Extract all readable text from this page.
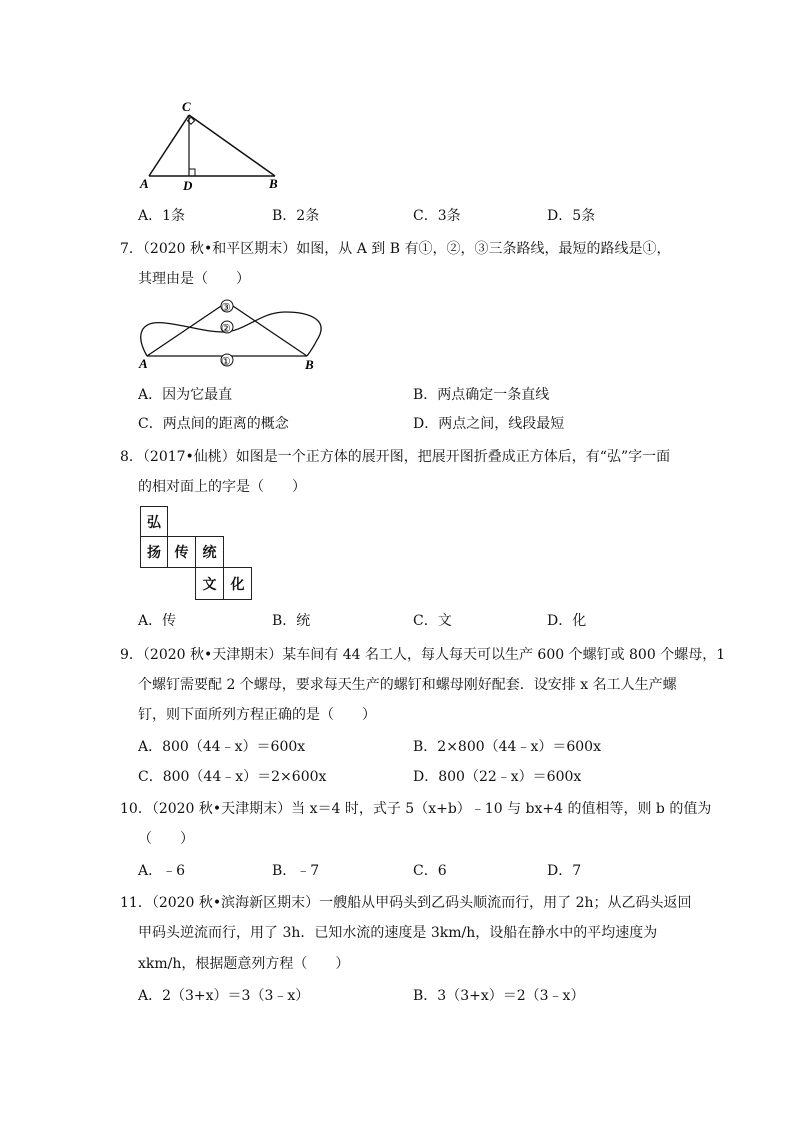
C
A	D	B
A．1条	B．2条	C．3条	D．5条
7．（2020 秋•和平区期末）如图，从 A 到 B 有①，②，③三条路线，最短的路线是①，
其理由是（　　）
①
②
③
A	B
A．因为它最直	B．两点确定一条直线
C．两点间的距离的概念	D．两点之间，线段最短
8．（2017•仙桃）如图是一个正方体的展开图，把展开图折叠成正方体后，有“弘”字一面
的相对面上的字是（　　）
弘
扬 传	统
文	化
A．传	B．统	C．文	D．化
9．（2020 秋•天津期末）某车间有 44 名工人，每人每天可以生产 600 个螺钉或 800 个螺母，1
个螺钉需要配 2 个螺母，要求每天生产的螺钉和螺母刚好配套．设安排 x 名工人生产螺
钉，则下面所列方程正确的是（　　）
A．800（44﹣x）＝600x	B．2×800（44﹣x）＝600x
C．800（44﹣x）＝2×600x	D．800（22﹣x）＝600x
10．（2020 秋•天津期末）当 x＝4 时，式子 5（x+b）﹣10 与 bx+4 的值相等，则 b 的值为
（　　）
A．﹣6	B．﹣7	C．6	D．7
11．（2020 秋•滨海新区期末）一艘船从甲码头到乙码头顺流而行，用了 2h；从乙码头返回
甲码头逆流而行，用了 3h．已知水流的速度是 3km/h，设船在静水中的平均速度为
xkm/h，根据题意列方程（　　）
A．2（3+x）＝3（3﹣x）	B．3（3+x）＝2（3﹣x）
